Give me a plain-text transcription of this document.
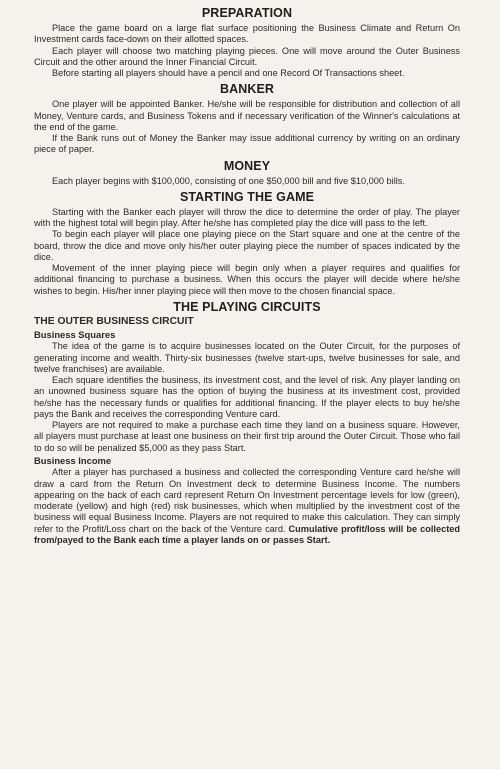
PREPARATION

Place the game board on a large flat surface positioning the Business Climate and Return On Investment cards face-down on their allotted spaces.

Each player will choose two matching playing pieces. One will move around the Outer Business Circuit and the other around the Inner Financial Circuit.

Before starting all players should have a pencil and one Record Of Transactions sheet.

BANKER

One player will be appointed Banker. He/she will be responsible for distribution and collection of all Money, Venture cards, and Business Tokens and if necessary verification of the Winner's calculations at the end of the game.

If the Bank runs out of Money the Banker may issue additional currency by writing on an ordinary piece of paper.

MONEY

Each player begins with $100,000, consisting of one $50,000 bill and five $10,000 bills.

STARTING THE GAME

Starting with the Banker each player will throw the dice to determine the order of play. The player with the highest total will begin play. After he/she has completed play the dice will pass to the left.

To begin each player will place one playing piece on the Start square and one at the centre of the board, throw the dice and move only his/her outer playing piece the number of spaces indicated by the dice.

Movement of the inner playing piece will begin only when a player requires and qualifies for additional financing to purchase a business. When this occurs the player will decide where he/she wishes to begin. His/her inner playing piece will then move to the chosen financial space.

THE PLAYING CIRCUITS
THE OUTER BUSINESS CIRCUIT
Business Squares

The idea of the game is to acquire businesses located on the Outer Circuit, for the purposes of generating income and wealth. Thirty-six businesses (twelve start-ups, twelve businesses for sale, and twelve franchises) are available.

Each square identifies the business, its investment cost, and the level of risk. Any player landing on an unowned business square has the option of buying the business at its investment cost, provided he/she has the necessary funds or qualifies for additional financing. If the player elects to buy he/she pays the Bank and receives the corresponding Venture card.

Players are not required to make a purchase each time they land on a business square. However, all players must purchase at least one business on their first trip around the Outer Circuit. Those who fail to do so will be penalized $5,000 as they pass Start.

Business Income

After a player has purchased a business and collected the corresponding Venture card he/she will draw a card from the Return On Investment deck to determine Business Income. The numbers appearing on the back of each card represent Return On Investment percentage levels for low (green), moderate (yellow) and high (red) risk businesses, which when multiplied by the investment cost of the business will equal Business Income. Players are not required to make this calculation. They can simply refer to the Profit/Loss chart on the back of the Venture card. Cumulative profit/loss will be collected from/payed to the Bank each time a player lands on or passes Start.
